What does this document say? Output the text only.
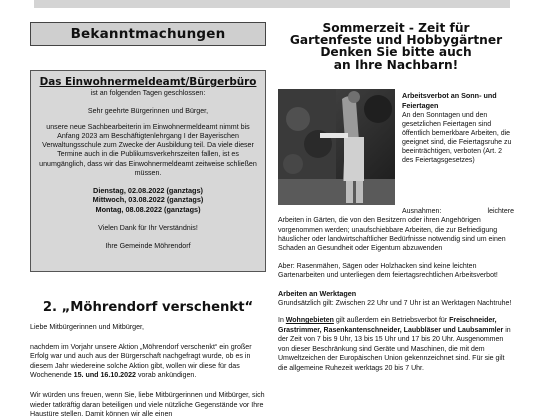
Bekanntmachungen
Das Einwohnermeldeamt/Bürgerbüro

ist an folgenden Tagen geschlossen:

Sehr geehrte Bürgerinnen und Bürger,

unsere neue Sachbearbeiterin im Einwohnermeldeamt nimmt bis Anfang 2023 am Beschäftigtenlehrgang I der Bayerischen Verwaltungsschule zum Zwecke der Ausbildung teil. Da viele dieser Termine auch in die Publikumsverkehrszeiten fallen, ist es unumgänglich, dass wir das Einwohnermeldeamt zeitweise schließen müssen.

Dienstag, 02.08.2022 (ganztags)
Mittwoch, 03.08.2022 (ganztags)
Montag, 08.08.2022 (ganztags)

Vielen Dank für Ihr Verständnis!

Ihre Gemeinde Möhrendorf

2. „Möhrendorf verschenkt“

Liebe Mitbürgerinnen und Mitbürger,

nachdem im Vorjahr unsere Aktion „Möhrendorf verschenkt“ ein großer Erfolg war und auch aus der Bürgerschaft nachgefragt wurde, ob es in diesem Jahr wiedereine solche Aktion gibt, wollen wir diese für das Wochenende 15. und 16.10.2022 vorab ankündigen.

Wir würden uns freuen, wenn Sie, liebe Mitbürgerinnen und Mitbürger, sich wieder tatkräftig daran beteiligen und viele nützliche Gegenstände vor Ihre Haustüre stellen. Damit können wir alle einen

Sommerzeit - Zeit für
Gartenfeste und Hobbygärtner
Denken Sie bitte auch
an Ihre Nachbarn!
Arbeitsverbot an Sonn- und Feiertagen
An den Sonntagen und den gesetzlichen Feiertagen sind öffentlich bemerkbare Arbeiten, die geeignet sind, die Feiertagsruhe zu beeinträchtigen, verboten (Art. 2 des Feiertagsgesetzes)
Ausnahmen:	leichtere

Arbeiten in Gärten, die von den Besitzern oder ihren Angehörigen vorgenommen werden; unaufschiebbare Arbeiten, die zur Befriedigung häuslicher oder landwirtschaftlicher Bedürfnisse notwendig sind um einen Schaden an Gesundheit oder Eigentum abzuwenden

Aber: Rasenmähen, Sägen oder Holzhacken sind keine leichten Gartenarbeiten und unterliegen dem feiertagsrechtlichen Arbeitsverbot!

Arbeiten an Werktagen
Grundsätzlich gilt: Zwischen 22 Uhr und 7 Uhr ist an Werktagen Nachtruhe!

In Wohngebieten gilt außerdem ein Betriebsverbot für Freischneider, Grastrimmer, Rasenkantenschneider, Laubbläser und Laubsammler in der Zeit von 7 bis 9 Uhr, 13 bis 15 Uhr und 17 bis 20 Uhr. Ausgenommen von dieser Beschränkung sind Geräte und Maschinen, die mit dem Umweltzeichen der Europäischen Union gekennzeichnet sind. Für sie gilt die allgemeine Ruhezeit werktags 20 bis 7 Uhr.
